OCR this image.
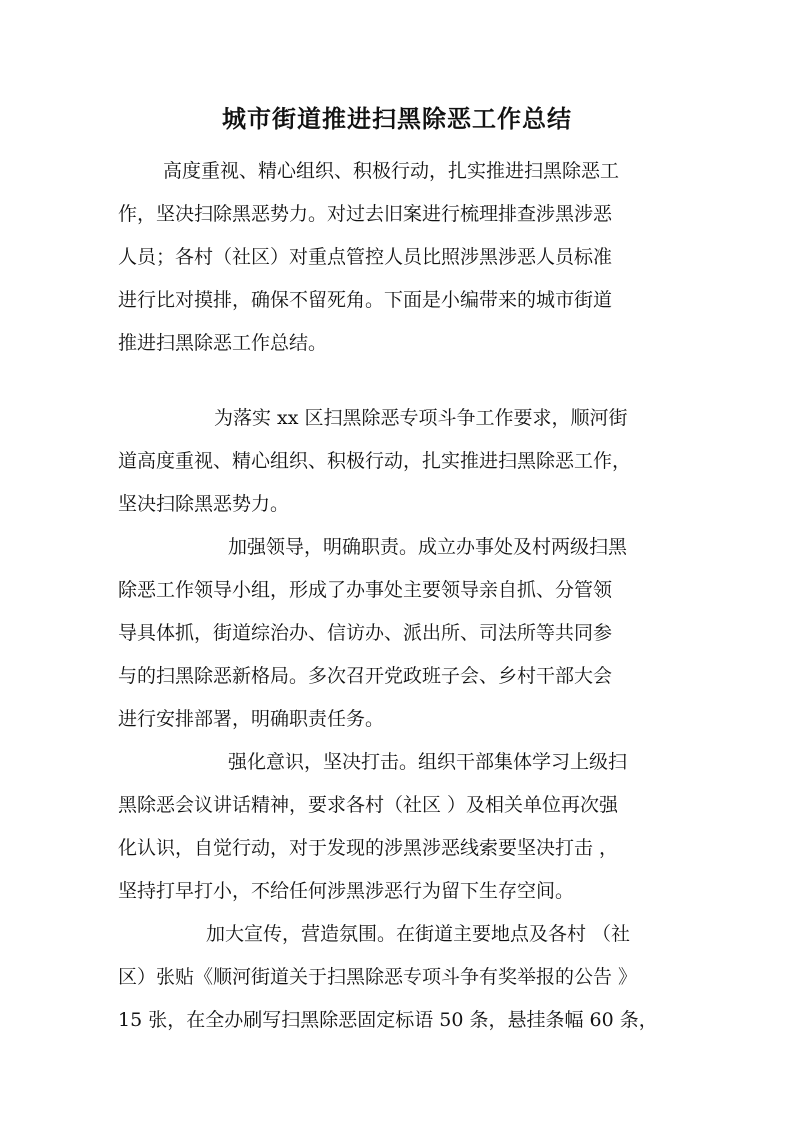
城市街道推进扫黑除恶工作总结

高度重视、精心组织、积极行动，扎实推进扫黑除恶工

作，坚决扫除黑恶势力。对过去旧案进行梳理排查涉黑涉恶

人员；各村（社区）对重点管控人员比照涉黑涉恶人员标准

进行比对摸排，确保不留死角。下面是小编带来的城市街道

推进扫黑除恶工作总结。

为落实 xx 区扫黑除恶专项斗争工作要求，顺河街

道高度重视、精心组织、积极行动，扎实推进扫黑除恶工作，

坚决扫除黑恶势力。

加强领导，明确职责。成立办事处及村两级扫黑

除恶工作领导小组，形成了办事处主要领导亲自抓、分管领

导具体抓，街道综治办、信访办、派出所、司法所等共同参

与的扫黑除恶新格局。多次召开党政班子会、乡村干部大会

进行安排部署，明确职责任务。

强化意识，坚决打击。组织干部集体学习上级扫

黑除恶会议讲话精神，要求各村（社区 ）及相关单位再次强

化认识，自觉行动，对于发现的涉黑涉恶线索要坚决打击 ，

坚持打早打小，不给任何涉黑涉恶行为留下生存空间。

加大宣传，营造氛围。在街道主要地点及各村 （社

区）张贴《顺河街道关于扫黑除恶专项斗争有奖举报的公告 》

15 张，在全办刷写扫黑除恶固定标语 50 条，悬挂条幅 60 条，
